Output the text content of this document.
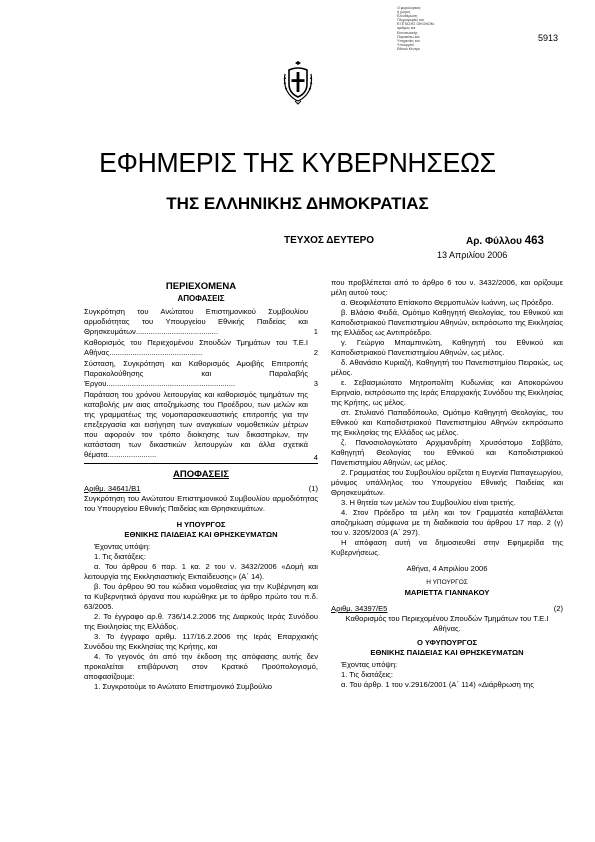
Ο φορολογικός
ή χώρος
Ελευθέρωση
Πληροφορίες και
ΕΞΕΤΑΣΗΣ ΟΙΚΟΝΟΜ.
αριθμός και
Εκτυπωτικής
Παρακάτω και
Υπηρεσίες και
Υπουργείο
Εθνικό Κέντρο
5913
ΕΦΗΜΕΡΙΣ ΤΗΣ ΚΥΒΕΡΝΗΣΕΩΣ
ΤΗΣ ΕΛΛΗΝΙΚΗΣ ΔΗΜΟΚΡΑΤΙΑΣ
ΤΕΥΧΟΣ ΔΕΥΤΕΡΟ	Αρ. Φύλλου 463
13 Απριλίου 2006
ΠΕΡΙΕΧΟΜΕΝΑ
ΑΠΟΦΑΣΕΙΣ
Συγκρότηση του Ανώτατου Επιστημονικού Συμβουλίου αρμοδιότητας του Υπουργείου Εθνικής Παιδείας και Θρησκευμάτων.......................................	1
Καθορισμός του Περιεχομένου Σπουδών Τμημάτων του Τ.Ε.Ι Αθήνας............................................	2
Σύσταση, Συγκρότηση και Καθορισμός Αμοιβής Επιτροπής Παρακολούθησης και Παραλαβής Έργου.............................................................	3
Παράταση του χρόνου λειτουργίας και καθορισμός τιμημάτων της καταβολής μιν αιας αποζημίωσης του Προέδρου, των μελών και της γραμματέως της νομοπαρασκευαστικής επιτροπής για την επεξεργασία και εισήγηση των αναγκαίων νομοθετικών μέτρων που αφορούν τον τρόπο διοίκησης των δικαστηρίων, την κατάσταση των δικαστικών λειτουργών και άλλα σχετικά θέματα.......................	4
ΑΠΟΦΑΣΕΙΣ
Αριθμ. 34641/Β1	(1)

Συγκρότηση του Ανώτατου Επιστημονικού Συμβουλίου αρμοδιότητας του Υπουργείου Εθνικής Παιδείας και Θρησκευμάτων.

Η ΥΠΟΥΡΓΟΣ
ΕΘΝΙΚΗΣ ΠΑΙΔΕΙΑΣ ΚΑΙ ΘΡΗΣΚΕΥΜΑΤΩΝ

Έχοντας υπόψη:

1. Τις διατάξεις:

α. Του άρθρου 6 παρ. 1 κα. 2 του ν. 3432/2006 «Δομή και λειτουργία της Εκκλησιαστικής Εκπαίδευσης» (Α΄ 14).

β. Του άρθρου 90 του κώδικα νομοθεσίας για την Κυβέρνηση και τα Κυβερνητικά όργανα που κυρώθηκε με το άρθρο πρώτο του π.δ. 63/2005.

2. Το έγγραφο αρ.θ. 736/14.2.2006 της Διαρκούς Ιεράς Συνόδου της Εκκλησίας της Ελλάδος.

3. Το έγγραφο αριθμ. 117/16.2.2006 της Ιεράς Επαρχιακής Συνόδου της Εκκλησίας της Κρήτης, και

4. Το γεγονός ότι από την έκδοση της απόφασης αυτής δεν προκαλείται επιβάρυνση στον Κρατικό Προϋπολογισμό, αποφασίζουμε:

1. Συγκροτούμε το Ανώτατο Επιστημονικό Συμβούλιο

που προβλέπεται από το άρθρο 6 του ν. 3432/2006, και ορίζουμε μέλη αυτού τους:

α. Θεοφιλέστατο Επίσκοπο Θερμοπυλών Ιωάννη, ως Πρόεδρο.

β. Βλάσιο Φειδά, Ομότιμο Καθηγητή Θεολογίας, του Εθνικού και Καποδιστριακού Πανεπιστημίου Αθηνών, εκπρόσωπο της Εκκλησίας της Ελλάδος ως Αντιπρόεδρο.

γ. Γεώργιο Μπαμπινιώτη, Καθηγητή του Εθνικού και Καποδιστριακού Πανεπιστημίου Αθηνών, ως μέλος.

δ. Αθανάσιο Κυριαζή, Καθηγητή του Πανεπιστημίου Πειραιώς, ως μέλος.

ε. Σεβασμιώτατο Μητροπολίτη Κυδωνίας και Αποκορώνου Ειρηναίο, εκπρόσωπο της Ιεράς Επαρχιακής Συνόδου της Εκκλησίας της Κρήτης, ως μέλος.

στ. Στυλιανό Παπαδόπουλο, Ομότιμο Καθηγητή Θεολογίας, του Εθνικού και Καποδιστριακού Πανεπιστημίου Αθηνών εκπρόσωπο της Εκκλησίας της Ελλάδος ως μέλος.

ζ. Πανοσιολογιώτατο Αρχιμανδρίτη Χρυσόστομο Σαββάτο, Καθηγητή Θεολογίας του Εθνικού και Καποδιστριακού Πανεπιστημίου Αθηνών, ως μέλος.

2. Γραμματέας του Συμβουλίου ορίζεται η Ευγενία Παπαγεωργίου, μόνιμος υπάλληλος του Υπουργείου Εθνικής Παιδείας και Θρησκευμάτων.

3. Η θητεία των μελών του Συμβουλίου είναι τριετής.

4. Στον Πρόεδρο τα μέλη και τον Γραμματέα καταβάλλεται αποζημίωση σύμφωνα με τη διαδικασία του άρθρου 17 παρ. 2 (γ) του ν. 3205/2003 (Α΄ 297).

Η απόφαση αυτή να δημοσιευθεί στην Εφημερίδα της Κυβερνήσεως.

Αθήνα, 4 Απριλίου 2006
Η ΥΠΟΥΡΓΟΣ
ΜΑΡΙΕΤΤΑ ΓΙΑΝΝΑΚΟΥ
Αριθμ. 34397/Ε5	(2)

Καθορισμός του Περιεχομένου Σπουδών Τμημάτων του Τ.Ε.Ι Αθήνας.

Ο ΥΦΥΠΟΥΡΓΟΣ
ΕΘΝΙΚΗΣ ΠΑΙΔΕΙΑΣ ΚΑΙ ΘΡΗΣΚΕΥΜΑΤΩΝ

Έχοντας υπόψη:

1. Τις διατάξεις:

α. Του άρθρ. 1 του ν.2916/2001 (Α΄ 114) «Διάρθρωση της
